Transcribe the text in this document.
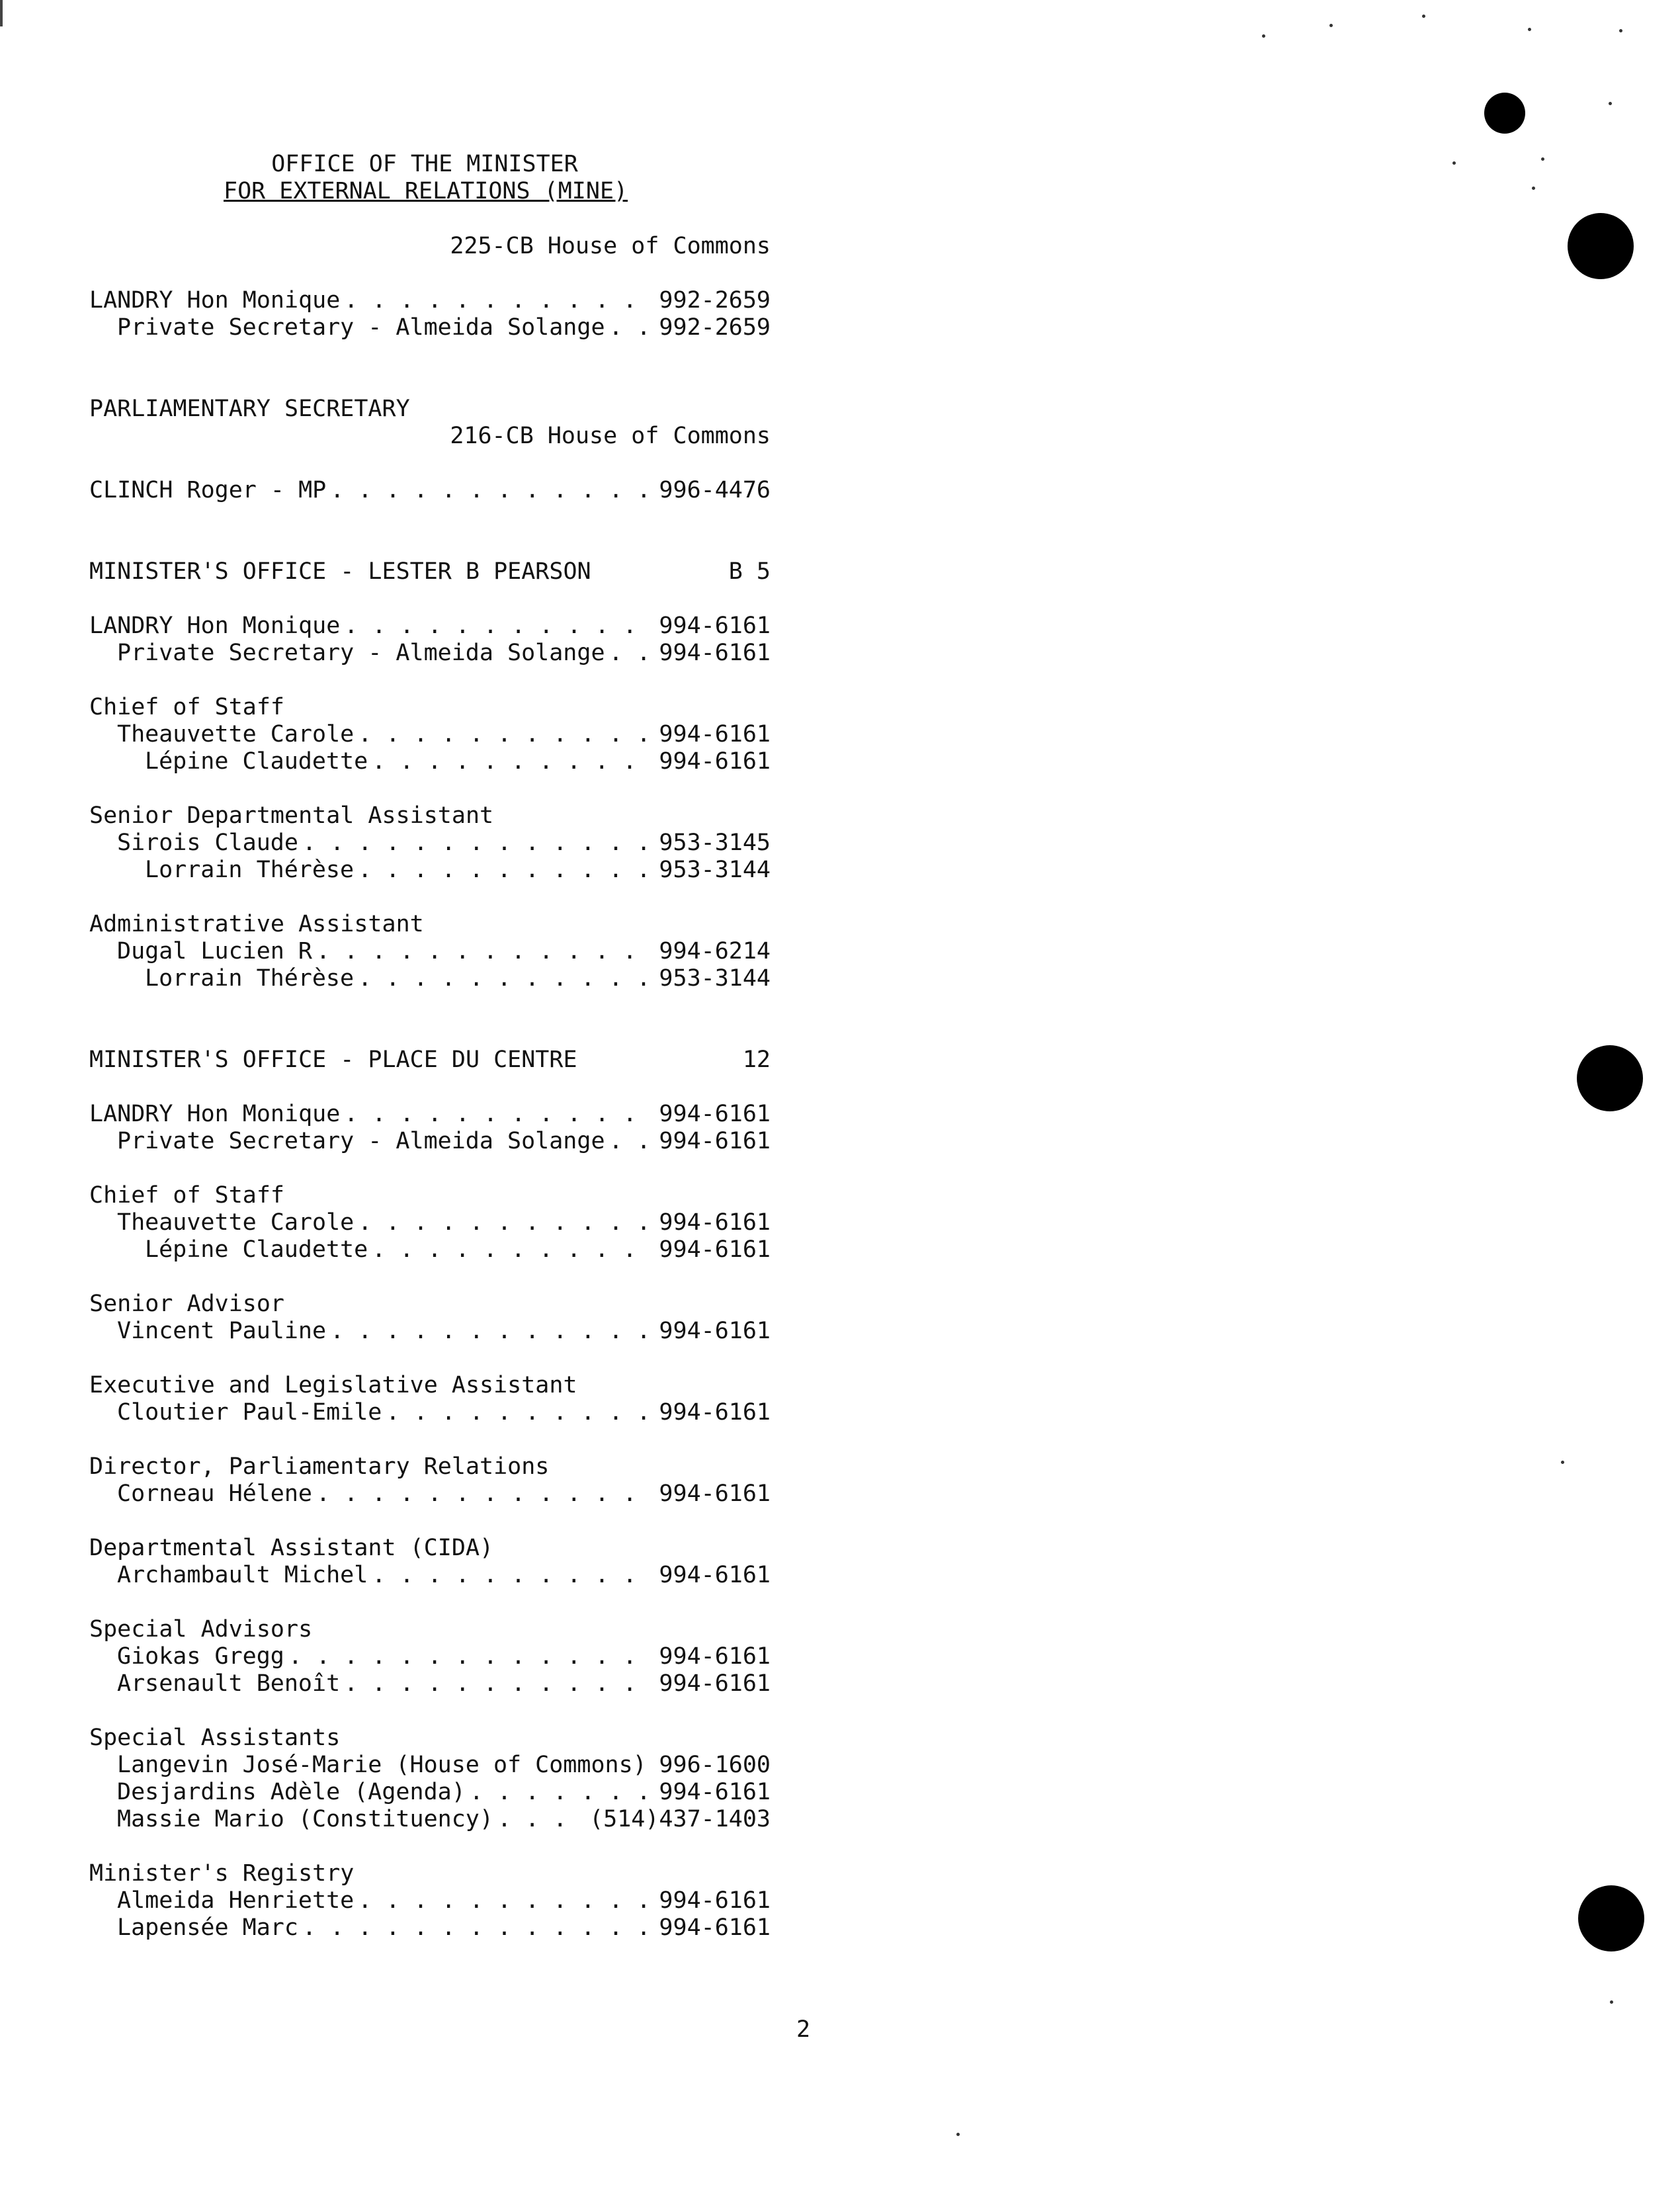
OFFICE OF THE MINISTER
FOR EXTERNAL RELATIONS (MINE)
225-CB House of Commons
LANDRY Hon Monique . . .	992-2659
Private Secretary - Almeida Solange . . . 992-2659
PARLIAMENTARY SECRETARY
216-CB House of Commons
CLINCH Roger - MP . . .	996-4476
MINISTER'S OFFICE - LESTER B PEARSON	B 5
LANDRY Hon Monique . . .	994-6161
Private Secretary - Almeida Solange . . . 994-6161
Chief of Staff
Theauvette Carole . . .	994-6161
Lépine Claudette . . .	994-6161
Senior Departmental Assistant
Sirois Claude . . .	953-3145
Lorrain Thérèse . . .	953-3144
Administrative Assistant
Dugal Lucien R . . .	994-6214
Lorrain Thérèse . . .	953-3144
MINISTER'S OFFICE - PLACE DU CENTRE	12
LANDRY Hon Monique . . .	994-6161
Private Secretary - Almeida Solange . . . 994-6161
Chief of Staff
Theauvette Carole . . .	994-6161
Lépine Claudette . . .	994-6161
Senior Advisor
Vincent Pauline . . .	994-6161
Executive and Legislative Assistant
Cloutier Paul-Emile . . .	994-6161
Director, Parliamentary Relations
Corneau Hélene . . .	994-6161
Departmental Assistant (CIDA)
Archambault Michel . . .	994-6161
Special Advisors
Giokas Gregg . . .	994-6161
Arsenault Benoît . . .	994-6161
Special Assistants
Langevin José-Marie (House of Commons) 996-1600
Desjardins Adèle (Agenda) . . .	994-6161
Massie Mario (Constituency) . . .	(514)437-1403
Minister's Registry
Almeida Henriette . . .	994-6161
Lapensée Marc . . .	994-6161
2
